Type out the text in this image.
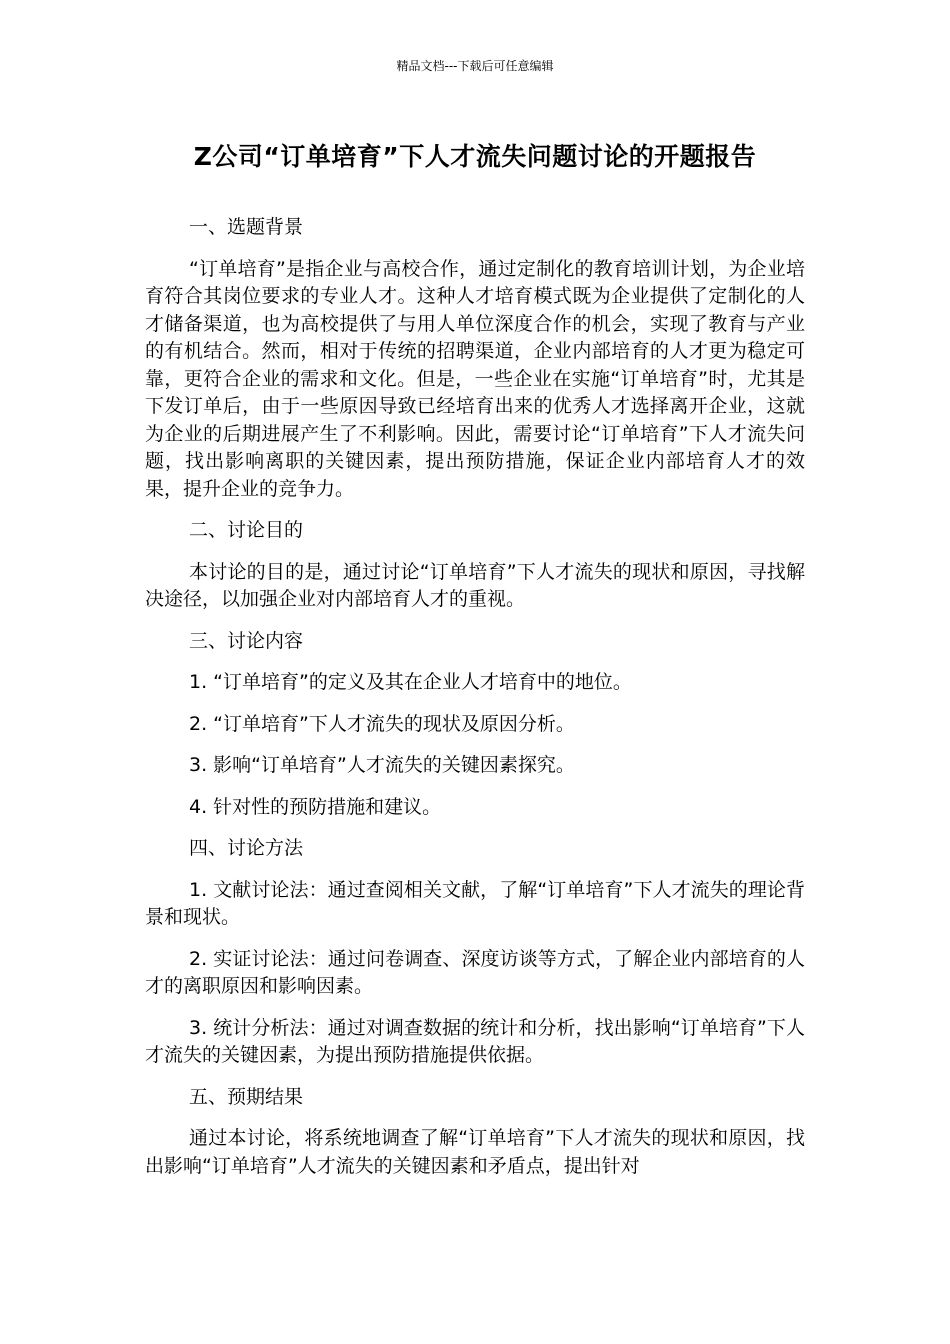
精品文档---下载后可任意编辑
Z公司“订单培育”下人才流失问题讨论的开题报告

一、选题背景

“订单培育”是指企业与高校合作，通过定制化的教育培训计划，为企业培育符合其岗位要求的专业人才。这种人才培育模式既为企业提供了定制化的人才储备渠道，也为高校提供了与用人单位深度合作的机会，实现了教育与产业的有机结合。然而，相对于传统的招聘渠道，企业内部培育的人才更为稳定可靠，更符合企业的需求和文化。但是，一些企业在实施“订单培育”时，尤其是下发订单后，由于一些原因导致已经培育出来的优秀人才选择离开企业，这就为企业的后期进展产生了不利影响。因此，需要讨论“订单培育”下人才流失问题，找出影响离职的关键因素，提出预防措施，保证企业内部培育人才的效果，提升企业的竞争力。

二、讨论目的

本讨论的目的是，通过讨论“订单培育”下人才流失的现状和原因，寻找解决途径，以加强企业对内部培育人才的重视。

三、讨论内容

1. “订单培育”的定义及其在企业人才培育中的地位。

2. “订单培育”下人才流失的现状及原因分析。

3. 影响“订单培育”人才流失的关键因素探究。

4. 针对性的预防措施和建议。

四、讨论方法

1. 文献讨论法：通过查阅相关文献，了解“订单培育”下人才流失的理论背景和现状。

2. 实证讨论法：通过问卷调查、深度访谈等方式，了解企业内部培育的人才的离职原因和影响因素。

3. 统计分析法：通过对调查数据的统计和分析，找出影响“订单培育”下人才流失的关键因素，为提出预防措施提供依据。

五、预期结果

通过本讨论，将系统地调查了解“订单培育”下人才流失的现状和原因，找出影响“订单培育”人才流失的关键因素和矛盾点，提出针对
